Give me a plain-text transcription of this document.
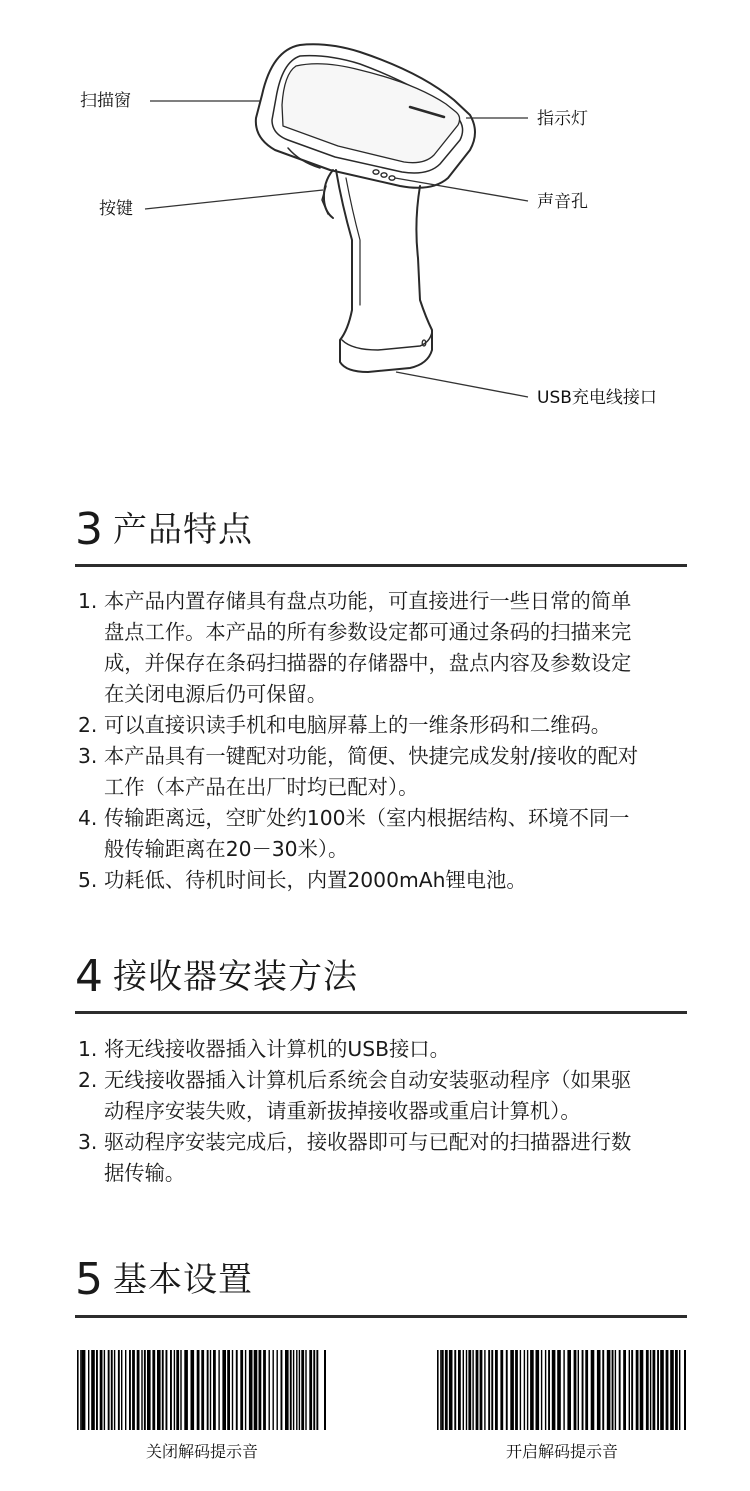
扫描窗
指示灯
按键	声音孔
USB充电线接口
3 产品特点
1. 本产品内置存储具有盘点功能，可直接进行一些日常的简单
盘点工作。本产品的所有参数设定都可通过条码的扫描来完
成，并保存在条码扫描器的存储器中，盘点内容及参数设定
在关闭电源后仍可保留。
2. 可以直接识读手机和电脑屏幕上的一维条形码和二维码。
3. 本产品具有一键配对功能，简便、快捷完成发射/接收的配对
工作（本产品在出厂时均已配对）。
4. 传输距离远，空旷处约100米（室内根据结构、环境不同一
般传输距离在20－30米）。
5. 功耗低、待机时间长，内置2000mAh锂电池。
4 接收器安装方法
1. 将无线接收器插入计算机的USB接口。
2. 无线接收器插入计算机后系统会自动安装驱动程序（如果驱
动程序安装失败，请重新拔掉接收器或重启计算机）。
3. 驱动程序安装完成后，接收器即可与已配对的扫描器进行数
据传输。
5 基本设置
关闭解码提示音	开启解码提示音
